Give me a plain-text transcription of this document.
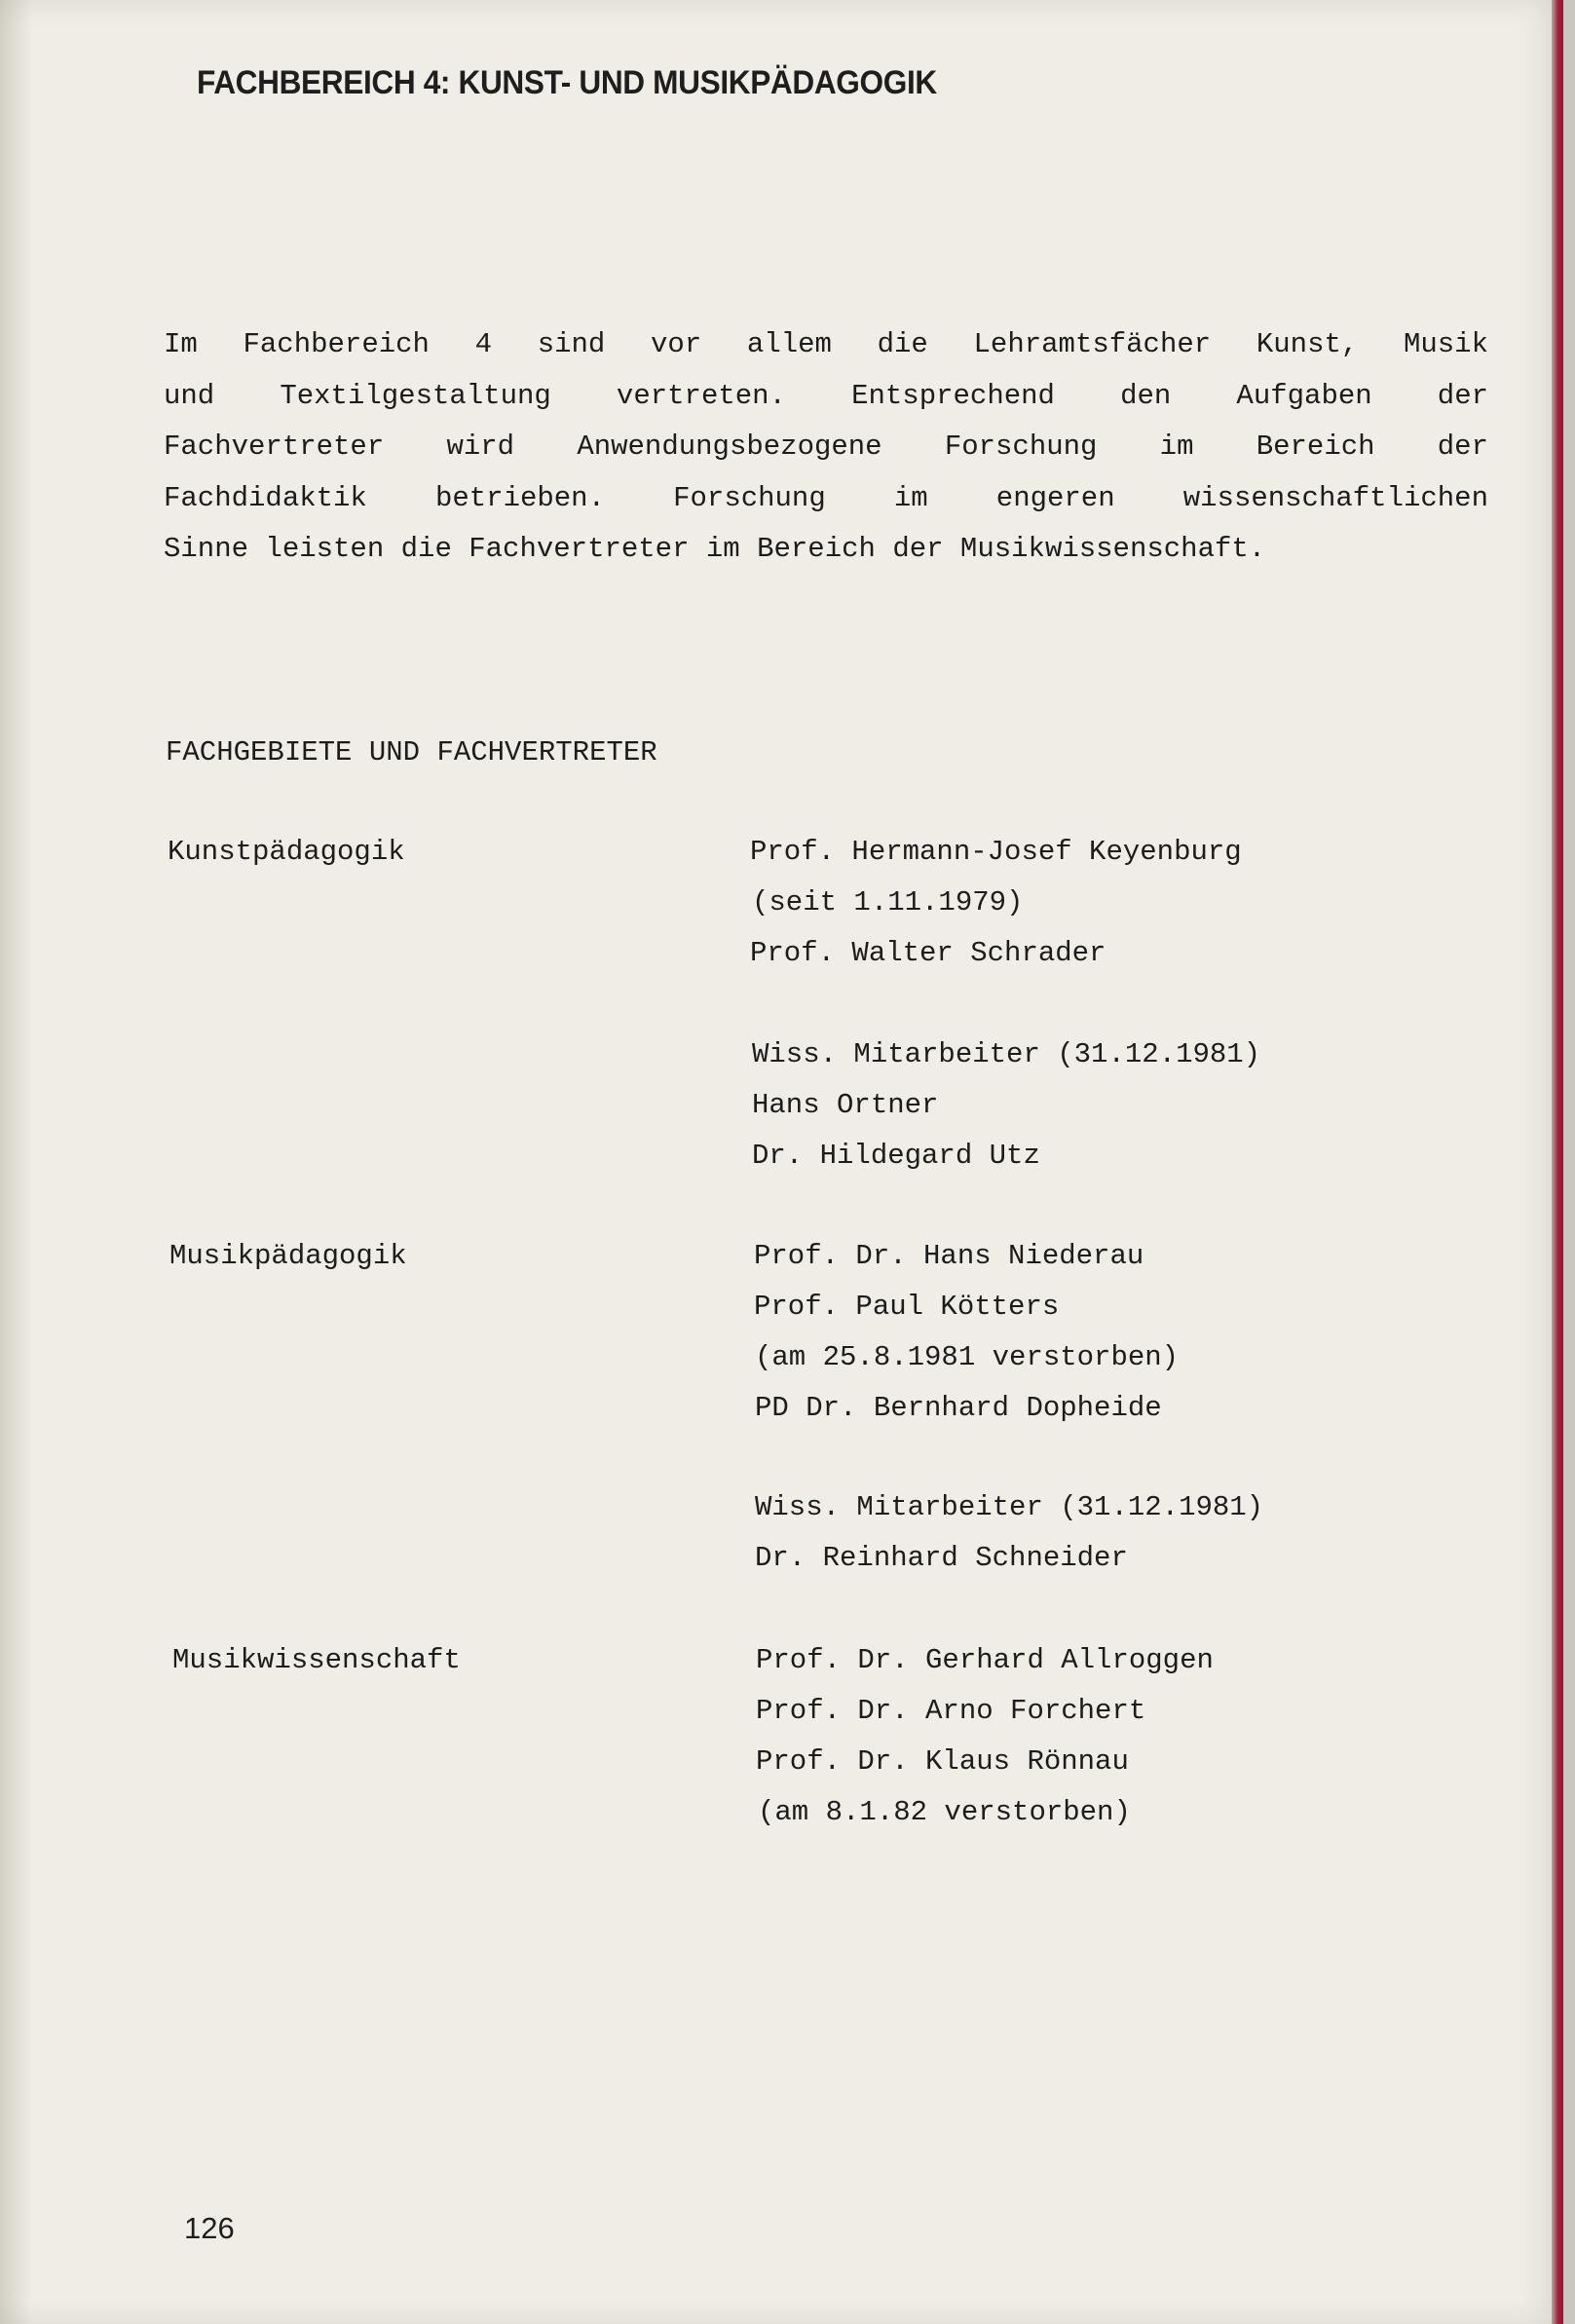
FACHBEREICH 4: KUNST- UND MUSIKPÄDAGOGIK
Im Fachbereich 4 sind vor allem die Lehramtsfächer Kunst, Musik
und Textilgestaltung vertreten. Entsprechend den Aufgaben der
Fachvertreter wird Anwendungsbezogene Forschung im Bereich der
Fachdidaktik betrieben. Forschung im engeren wissenschaftlichen
Sinne leisten die Fachvertreter im Bereich der Musikwissenschaft.
FACHGEBIETE UND FACHVERTRETER
Kunstpädagogik	Prof. Hermann-Josef Keyenburg
(seit 1.11.1979)
Prof. Walter Schrader
Wiss. Mitarbeiter (31.12.1981)
Hans Ortner
Dr. Hildegard Utz
Musikpädagogik	Prof. Dr. Hans Niederau
Prof. Paul Kötters
(am 25.8.1981 verstorben)
PD Dr. Bernhard Dopheide
Wiss. Mitarbeiter (31.12.1981)
Dr. Reinhard Schneider
Musikwissenschaft	Prof. Dr. Gerhard Allroggen
Prof. Dr. Arno Forchert
Prof. Dr. Klaus Rönnau
(am 8.1.82 verstorben)
126
